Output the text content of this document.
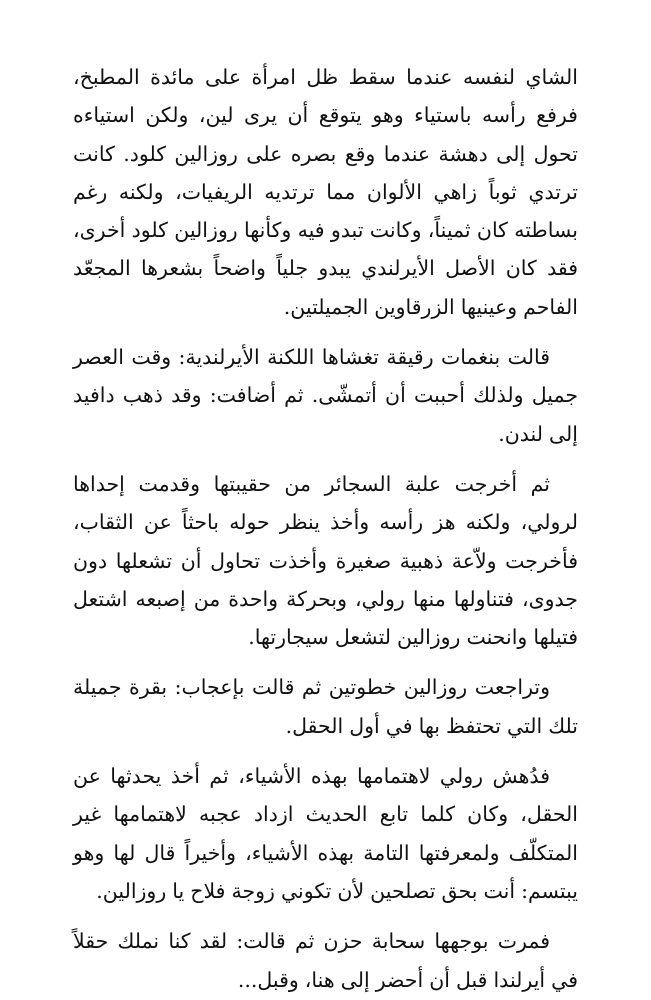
الشاي لنفسه عندما سقط ظل امرأة على مائدة المطبخ، فرفع رأسه باستياء وهو يتوقع أن يرى لين، ولكن استياءه تحول إلى دهشة عندما وقع بصره على روزالين كلود. كانت ترتدي ثوباً زاهي الألوان مما ترتديه الريفيات، ولكنه رغم بساطته كان ثميناً، وكانت تبدو فيه وكأنها روزالين كلود أخرى، فقد كان الأصل الأيرلندي يبدو جلياً واضحاً بشعرها المجعّد الفاحم وعينيها الزرقاوين الجميلتين.

قالت بنغمات رقيقة تغشاها اللكنة الأيرلندية: وقت العصر جميل ولذلك أحببت أن أتمشّى. ثم أضافت: وقد ذهب دافيد إلى لندن.

ثم أخرجت علبة السجائر من حقيبتها وقدمت إحداها لرولي، ولكنه هز رأسه وأخذ ينظر حوله باحثاً عن الثقاب، فأخرجت ولاّعة ذهبية صغيرة وأخذت تحاول أن تشعلها دون جدوى، فتناولها منها رولي، وبحركة واحدة من إصبعه اشتعل فتيلها وانحنت روزالين لتشعل سيجارتها.

وتراجعت روزالين خطوتين ثم قالت بإعجاب: بقرة جميلة تلك التي تحتفظ بها في أول الحقل.

فدُهش رولي لاهتمامها بهذه الأشياء، ثم أخذ يحدثها عن الحقل، وكان كلما تابع الحديث ازداد عجبه لاهتمامها غير المتكلّف ولمعرفتها التامة بهذه الأشياء، وأخيراً قال لها وهو يبتسم: أنت بحق تصلحين لأن تكوني زوجة فلاح يا روزالين.

فمرت بوجهها سحابة حزن ثم قالت: لقد كنا نملك حقلاً في أيرلندا قبل أن أحضر إلى هنا، وقبل...
